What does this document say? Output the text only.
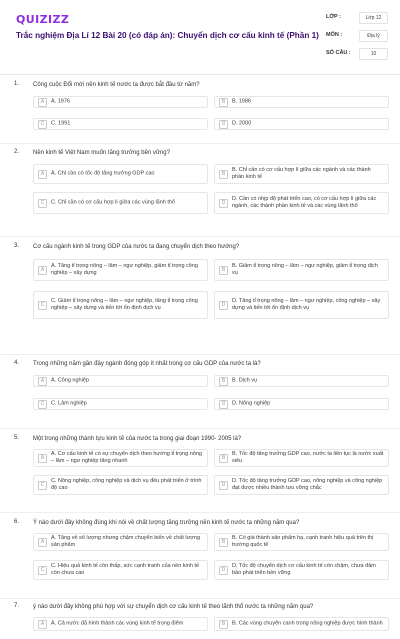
QUIZIZZ
Trắc nghiệm Địa Lí 12 Bài 20 (có đáp án): Chuyển dịch cơ cấu kinh tế (Phần 1)
LỚP :	Lớp 12
MÔN :	Địa lý
SỐ CÂU :	10
1. Công cuộc Đổi mới nền kinh tế nước ta được bắt đầu từ năm?
A	A. 1976	B	B. 1986
C	C. 1991	D	D. 2000
2. Nền kinh tế Việt Nam muốn tăng trưởng bền vững?
A	A. Chỉ cần có tốc độ tăng trưởng GDP cao	B
B. Chỉ cần có cơ cấu hợp lí giữa các ngành và các thành phần kinh tế
C	C. Chỉ cần có cơ cấu hợp lí giữa các vùng lãnh thổ	D
D. Cần có nhịp độ phát triển cao, có cơ cấu hợp lí giữa các ngành, các thành phần kinh tế và các vùng lãnh thổ
3. Cơ cấu ngành kinh tế trong GDP của nước ta đang chuyển dịch theo hướng?
A
A. Tăng tỉ trọng nông – lâm – ngư nghiệp, giảm tỉ trọng công nghiệp – xây dựng
B
B. Giảm tỉ trọng nông – lâm – ngư nghiệp, giảm tỉ trọng dịch vụ
C
C. Giảm tỉ trọng nông – lâm – ngư nghiệp, tăng tỉ trọng công nghiệp – xây dựng và tiến tới ổn định dịch vụ
D
D. Tăng tỉ trọng nông – lâm – ngư nghiệp, công nghiệp – xây dựng và tiến tới ổn định dịch vụ
4. Trong những năm gần đây ngành đóng góp ít nhất trong cơ cấu GDP của nước ta là?
A	A. Công nghiệp	B	B. Dịch vụ
C	C. Lâm nghiệp	D	D. Nông nghiệp
5. Một trong những thành tựu kinh tế của nước ta trong giai đoạn 1990- 2005 là?
A
A. Cơ cấu kinh tế có sự chuyển dịch theo hướng tỉ trọng nông – lâm – ngư nghiệp tăng nhanh
B
B. Tốc độ tăng trưởng GDP cao, nước ta liên tục là nước xuất siêu
C
C. Nông nghiệp, công nghiệp và dịch vụ đều phát triển ở trình độ cao
D
D. Tốc độ tăng trưởng GDP cao, nông nghiệp và công nghiệp đạt được nhiều thành tựu vững chắc
6. Ý nào dưới đây không đúng khi nói về chất lượng tăng trưởng nền kinh tế nước ta những năm qua?
A
A. Tăng về số lượng nhưng chậm chuyển biến về chất lượng sản phẩm
B
B. Có giá thành sản phẩm hạ, cạnh tranh hiệu quả trên thị trường quốc tế
C
C. Hiệu quả kinh tế còn thấp, sức cạnh tranh của nền kinh tế còn chưa cao
D
D. Tốc độ chuyển dịch cơ cấu kinh tế còn chậm, chưa đảm bảo phát triển bền vững
7. ý nào dưới đây không phù hợp với sự chuyển dịch cơ cấu kinh tế theo lãnh thổ nước ta những năm qua?
A	A. Cả nước đã hình thành các vùng kinh tế trọng điểm	B	B. Các vùng chuyên canh trong nông nghiệp được hình thành
